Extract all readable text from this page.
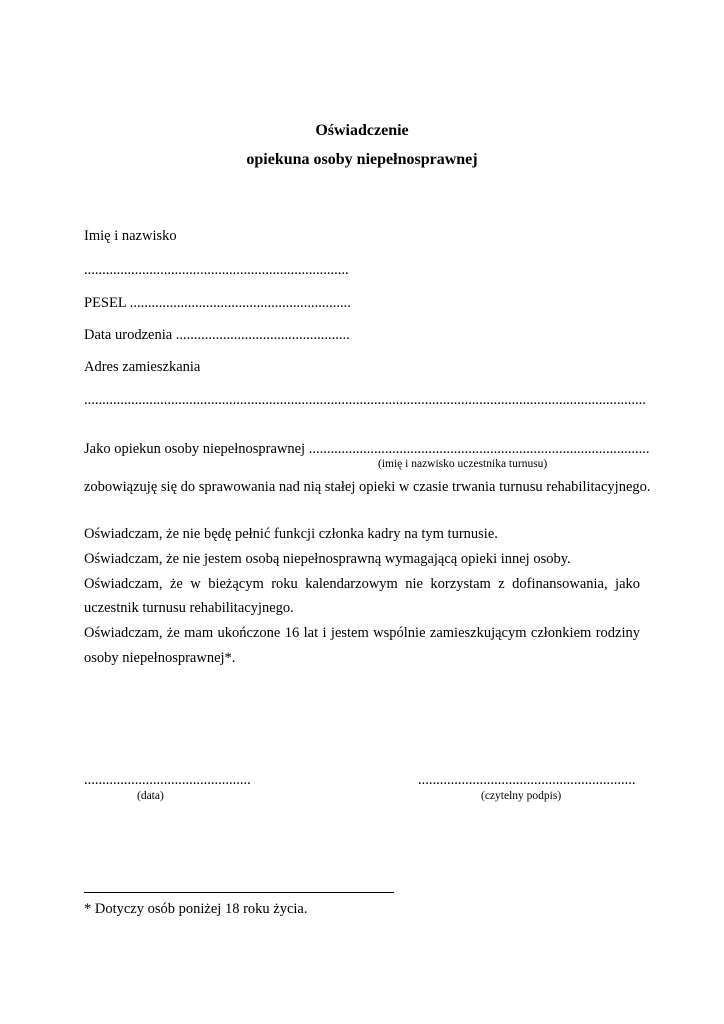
Oświadczenie
opiekuna osoby niepełnosprawnej
Imię i nazwisko
.........................................................................
PESEL .............................................................
Data urodzenia ................................................
Adres zamieszkania
...........................................................................................................................................................
Jako opiekun osoby niepełnosprawnej ..............................................................................................
(imię i nazwisko uczestnika turnusu)
zobowiązuję się do sprawowania nad nią stałej opieki w czasie trwania turnusu rehabilitacyjnego.
Oświadczam, że nie będę pełnić funkcji członka kadry na tym turnusie.
Oświadczam, że nie jestem osobą niepełnosprawną wymagającą opieki innej osoby.
Oświadczam, że w bieżącym roku kalendarzowym nie korzystam z dofinansowania, jako
uczestnik turnusu rehabilitacyjnego.
Oświadczam, że mam ukończone 16 lat i jestem wspólnie zamieszkującym członkiem rodziny
osoby niepełnosprawnej*.
..............................................
(data)
............................................................
(czytelny podpis)
* Dotyczy osób poniżej 18 roku życia.
